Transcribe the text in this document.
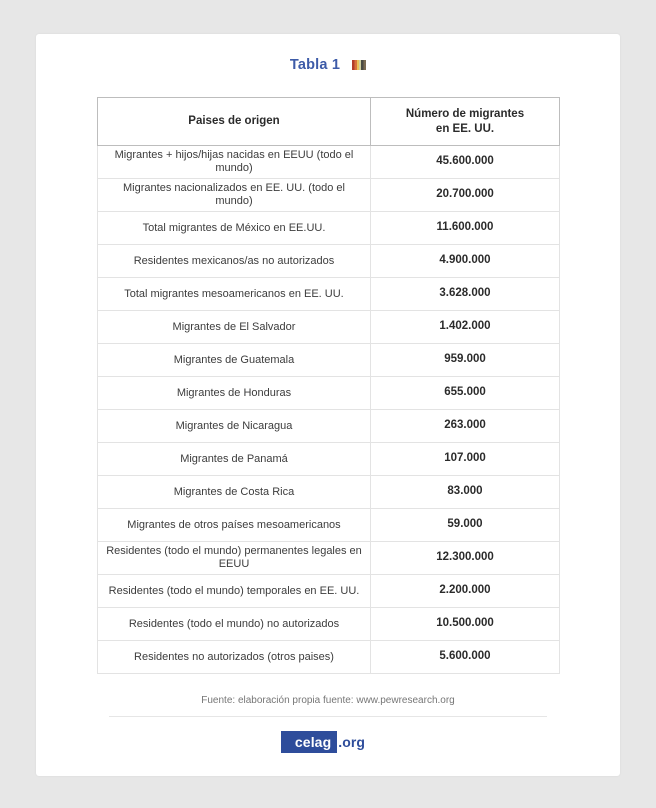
Tabla 1
Paises de origen	Número de migrantes
en EE. UU.
Migrantes + hijos/hijas nacidas en EEUU (todo el mundo)	45.600.000
Migrantes nacionalizados en EE. UU. (todo el mundo)	20.700.000
Total migrantes de México en EE.UU.	11.600.000
Residentes mexicanos/as no autorizados	4.900.000
Total migrantes mesoamericanos en EE. UU.	3.628.000
Migrantes de El Salvador	1.402.000
Migrantes de Guatemala	959.000
Migrantes de Honduras	655.000
Migrantes de Nicaragua	263.000
Migrantes de Panamá	107.000
Migrantes de Costa Rica	83.000
Migrantes de otros países mesoamericanos	59.000
Residentes (todo el mundo) permanentes legales en EEUU	12.300.000
Residentes (todo el mundo) temporales en EE. UU.	2.200.000
Residentes (todo el mundo) no autorizados	10.500.000
Residentes no autorizados (otros paises)	5.600.000
Fuente: elaboración propia fuente: www.pewresearch.org
celag .org
